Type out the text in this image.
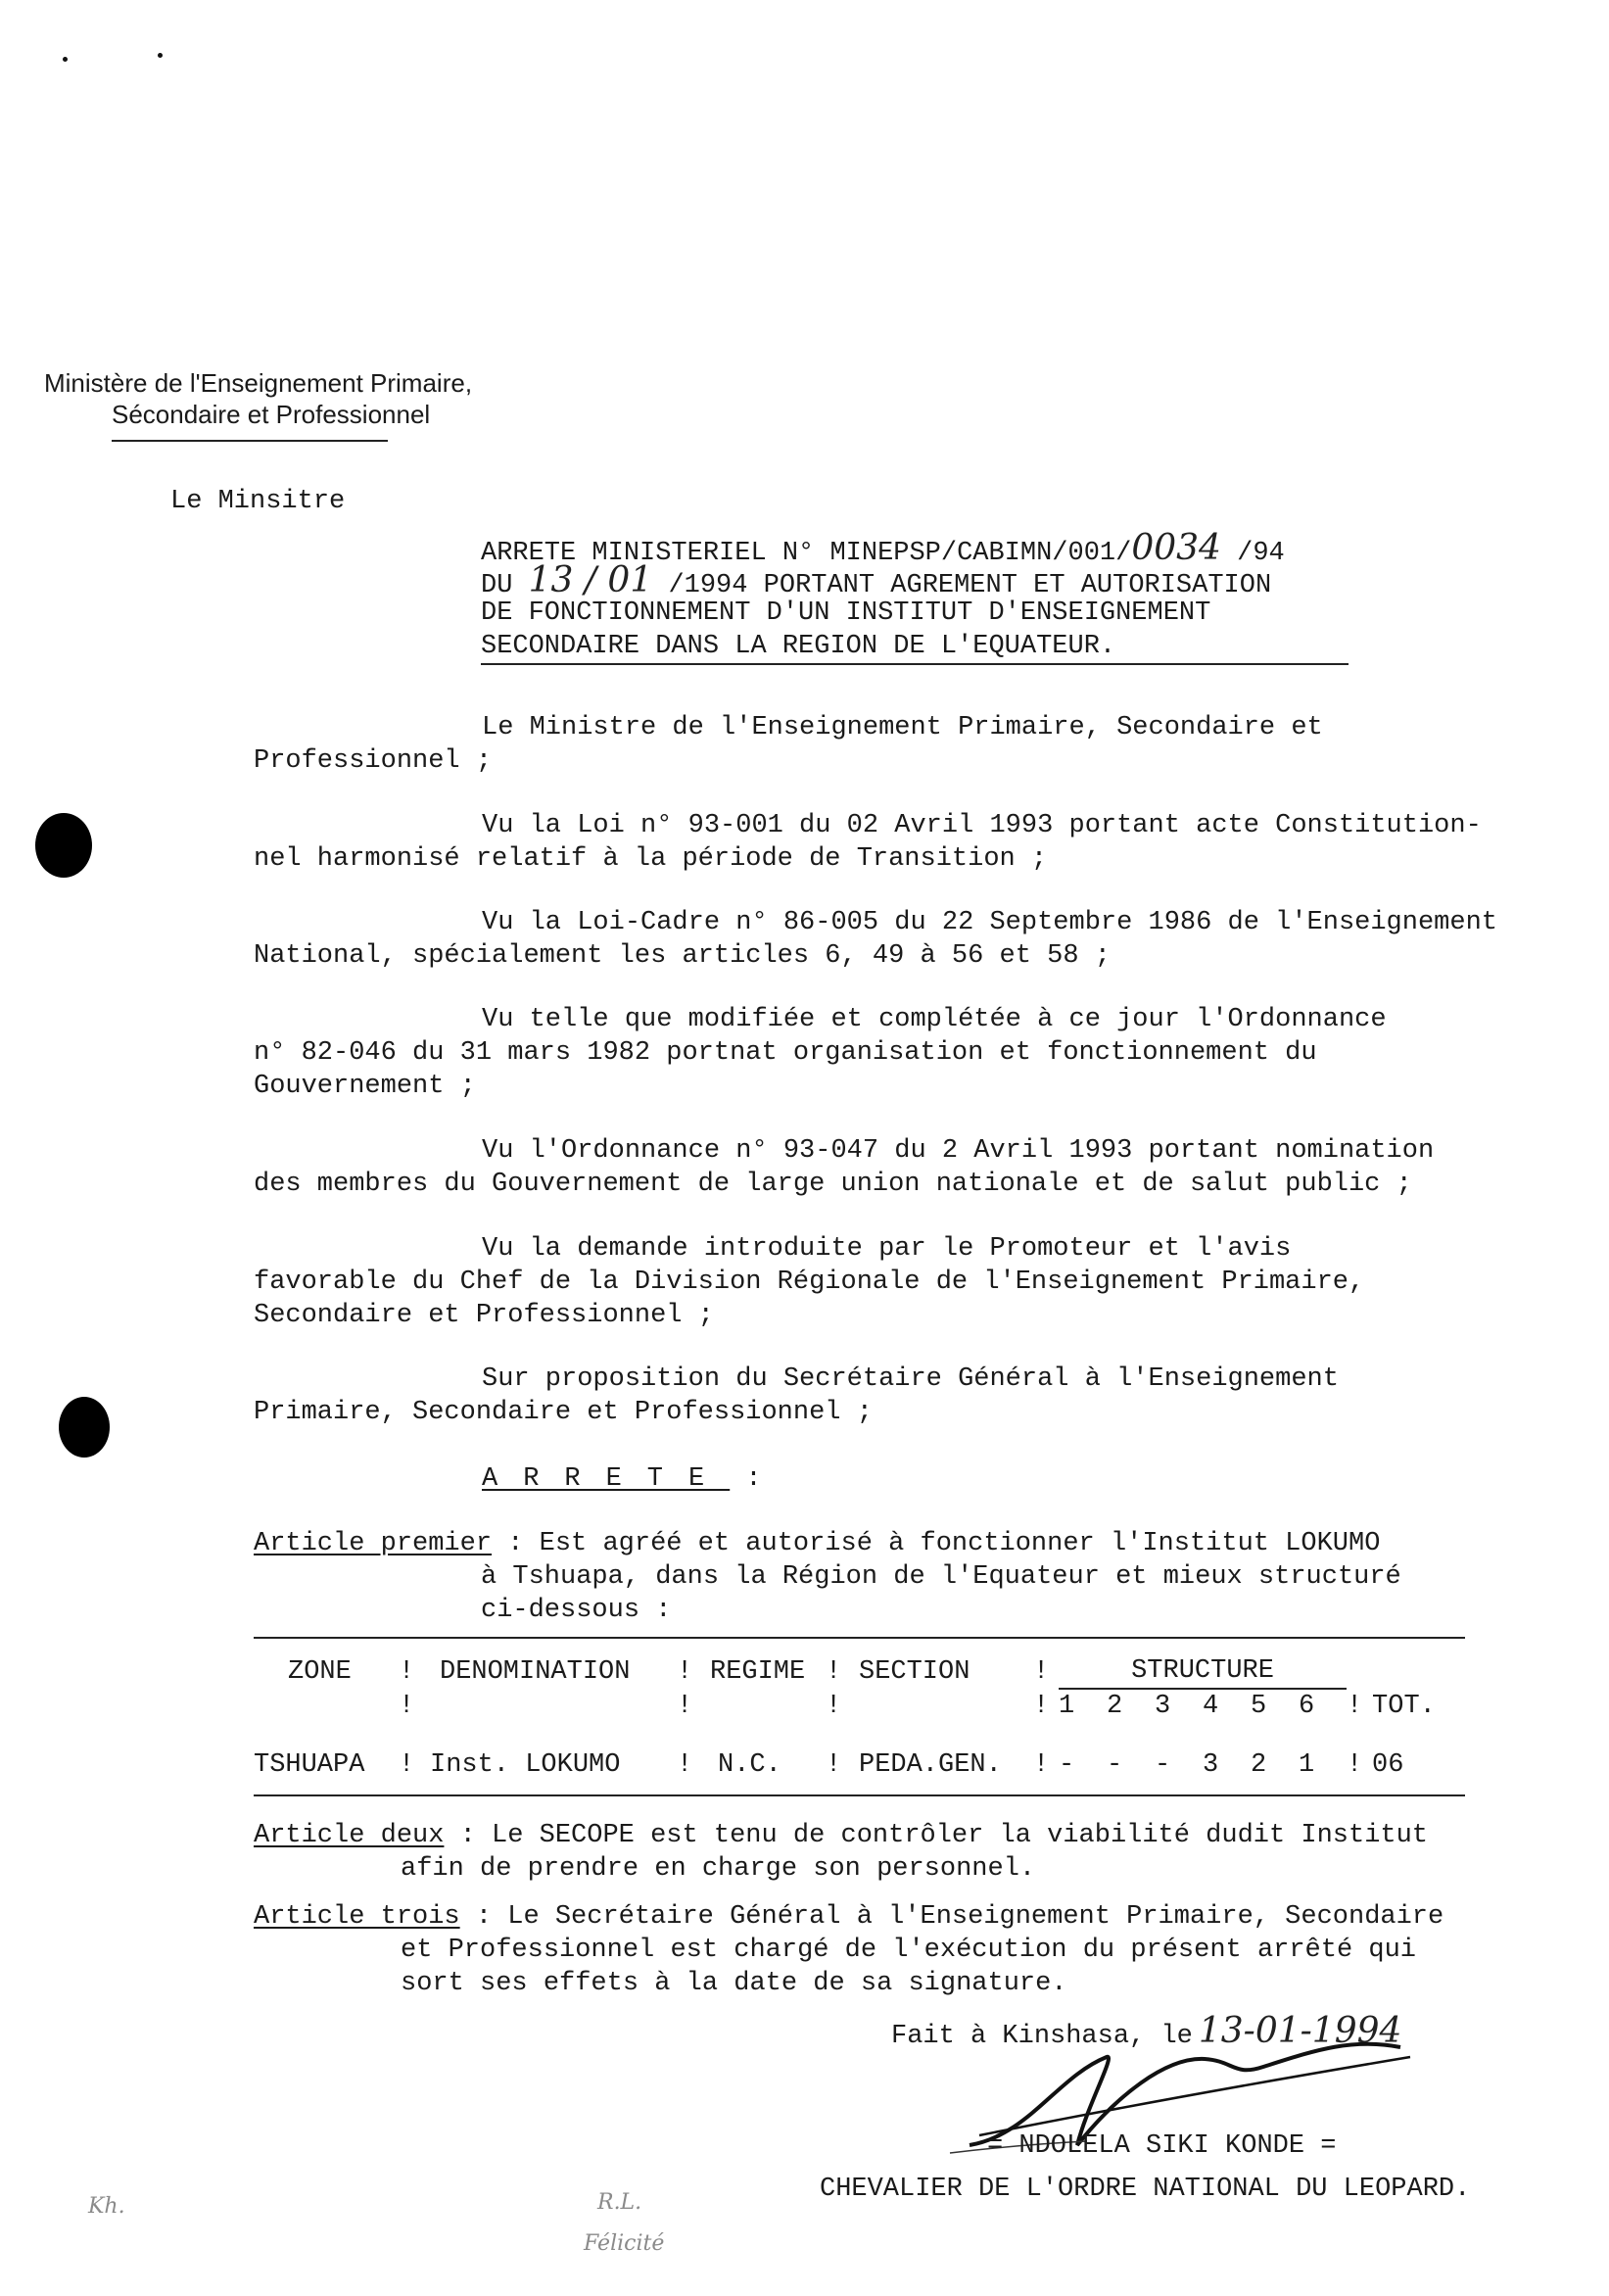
Ministère de l'Enseignement Primaire,
Sécondaire et Professionnel
Le Minsitre
ARRETE MINISTERIEL N° MINEPSP/CABIMN/001/0034 /94
DU 13 / 01 /1994 PORTANT AGREMENT ET AUTORISATION
DE FONCTIONNEMENT D'UN INSTITUT D'ENSEIGNEMENT
SECONDAIRE DANS LA REGION DE L'EQUATEUR.
Le Ministre de l'Enseignement Primaire, Secondaire et
Professionnel ;
Vu la Loi n° 93-001 du 02 Avril 1993 portant acte Constitution-
nel harmonisé relatif à la période de Transition ;
Vu la Loi-Cadre n° 86-005 du 22 Septembre 1986 de l'Enseignement
National, spécialement les articles 6, 49 à 56 et 58 ;
Vu telle que modifiée et complétée à ce jour l'Ordonnance
n° 82-046 du 31 mars 1982 portnat organisation et fonctionnement du
Gouvernement ;
Vu l'Ordonnance n° 93-047 du 2 Avril 1993 portant nomination
des membres du Gouvernement de large union nationale et de salut public ;
Vu la demande introduite par le Promoteur et l'avis
favorable du Chef de la Division Régionale de l'Enseignement Primaire,
Secondaire et Professionnel ;
Sur proposition du Secrétaire Général à l'Enseignement
Primaire, Secondaire et Professionnel ;
ARRETE :
Article premier : Est agréé et autorisé à fonctionner l'Institut LOKUMO
à Tshuapa, dans la Région de l'Equateur et mieux structuré
ci-dessous :
ZONE	!	DENOMINATION	!	REGIME	!	SECTION	!	STRUCTURE							
	!		!		!		!	1	2	3	4	5	6	!	TOT.

TSHUAPA	!	Inst. LOKUMO	!	N.C.	!	PEDA.GEN.	!	-	-	-	3	2	1	!	06
Article deux : Le SECOPE est tenu de contrôler la viabilité dudit Institut
afin de prendre en charge son personnel.
Article trois : Le Secrétaire Général à l'Enseignement Primaire, Secondaire
et Professionnel est chargé de l'exécution du présent arrêté qui
sort ses effets à la date de sa signature.
Fait à Kinshasa, le 13-01-1994
= NDOLELA SIKI KONDE =
CHEVALIER DE L'ORDRE NATIONAL DU LEOPARD.
Kh.	R.L.
Félicité
